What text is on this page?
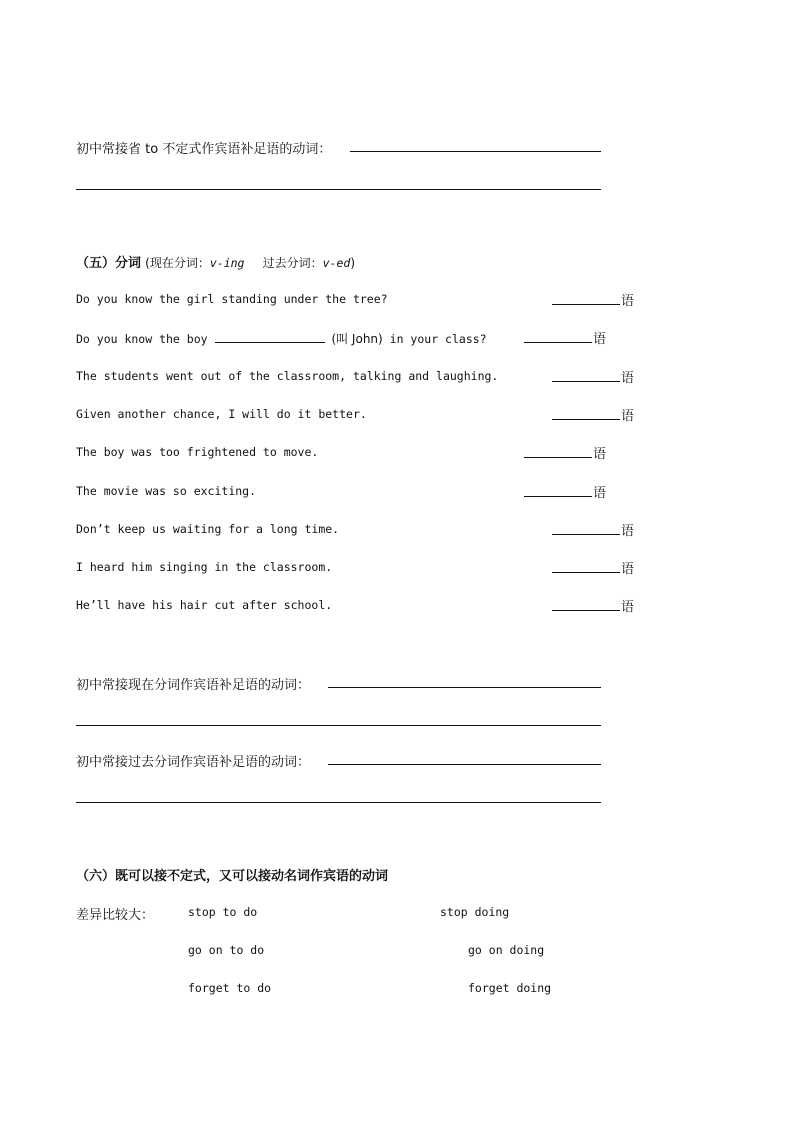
初中常接省 to 不定式作宾语补足语的动词：
（五）分词 (现在分词：v-ing 过去分词：v-ed)
Do you know the girl standing under the tree?	语
Do you know the boy	(叫 John) in your class?	语
The students went out of the classroom, talking and laughing.	语
Given another chance, I will do it better.	语
The boy was too frightened to move.	语
The movie was so exciting.	语
Don’t keep us waiting for a long time.	语
I heard him singing in the classroom.	语
He’ll have his hair cut after school.	语
初中常接现在分词作宾语补足语的动词：
初中常接过去分词作宾语补足语的动词：
（六）既可以接不定式，又可以接动名词作宾语的动词
差异比较大：	stop to do	stop doing
go on to do	go on doing
forget to do	forget doing
